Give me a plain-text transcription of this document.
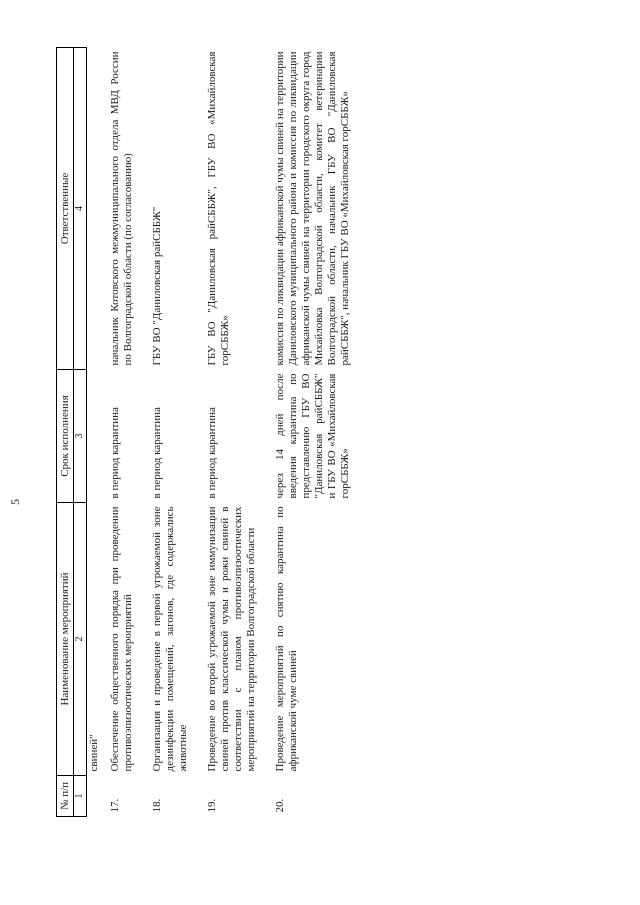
5
№ п/п	Наименование мероприятий	Срок исполнения	Ответственные
1	2	3	4
	свиней"		
17.	Обеспечение общественного порядка при проведении противоэпизоотических мероприятий	в период карантина	начальник Котовского межмуниципального отдела МВД России по Волгоградской области (по согласованию)
18.	Организация и проведение в первой угрожаемой зоне дезинфекции помещений, загонов, где содержались животные	в период карантина	ГБУ ВО "Даниловская райСББЖ"
19.	Проведение во второй угрожаемой зоне иммунизации свиней против классической чумы и рожи свиней в соответствии с планом противоэпизоотических мероприятий на территории Волгоградской области	в период карантина	ГБУ ВО "Даниловская райСББЖ", ГБУ ВО «Михайловская горСББЖ»
20.	Проведение мероприятий по снятию карантина по африканской чуме свиней	через 14 дней после введения карантина по представлению ГБУ ВО "Даниловская райСББЖ" и ГБУ ВО «Михайловская горСББЖ»	комиссия по ликвидации африканской чумы свиней на территории Даниловского муниципального района и комиссия по ликвидации африканской чумы свиней на территории городского округа город Михайловка Волгоградской области, комитет ветеринарии Волгоградской области, начальник ГБУ ВО "Даниловская райСББЖ", начальник ГБУ ВО «Михайловская горСББЖ»
